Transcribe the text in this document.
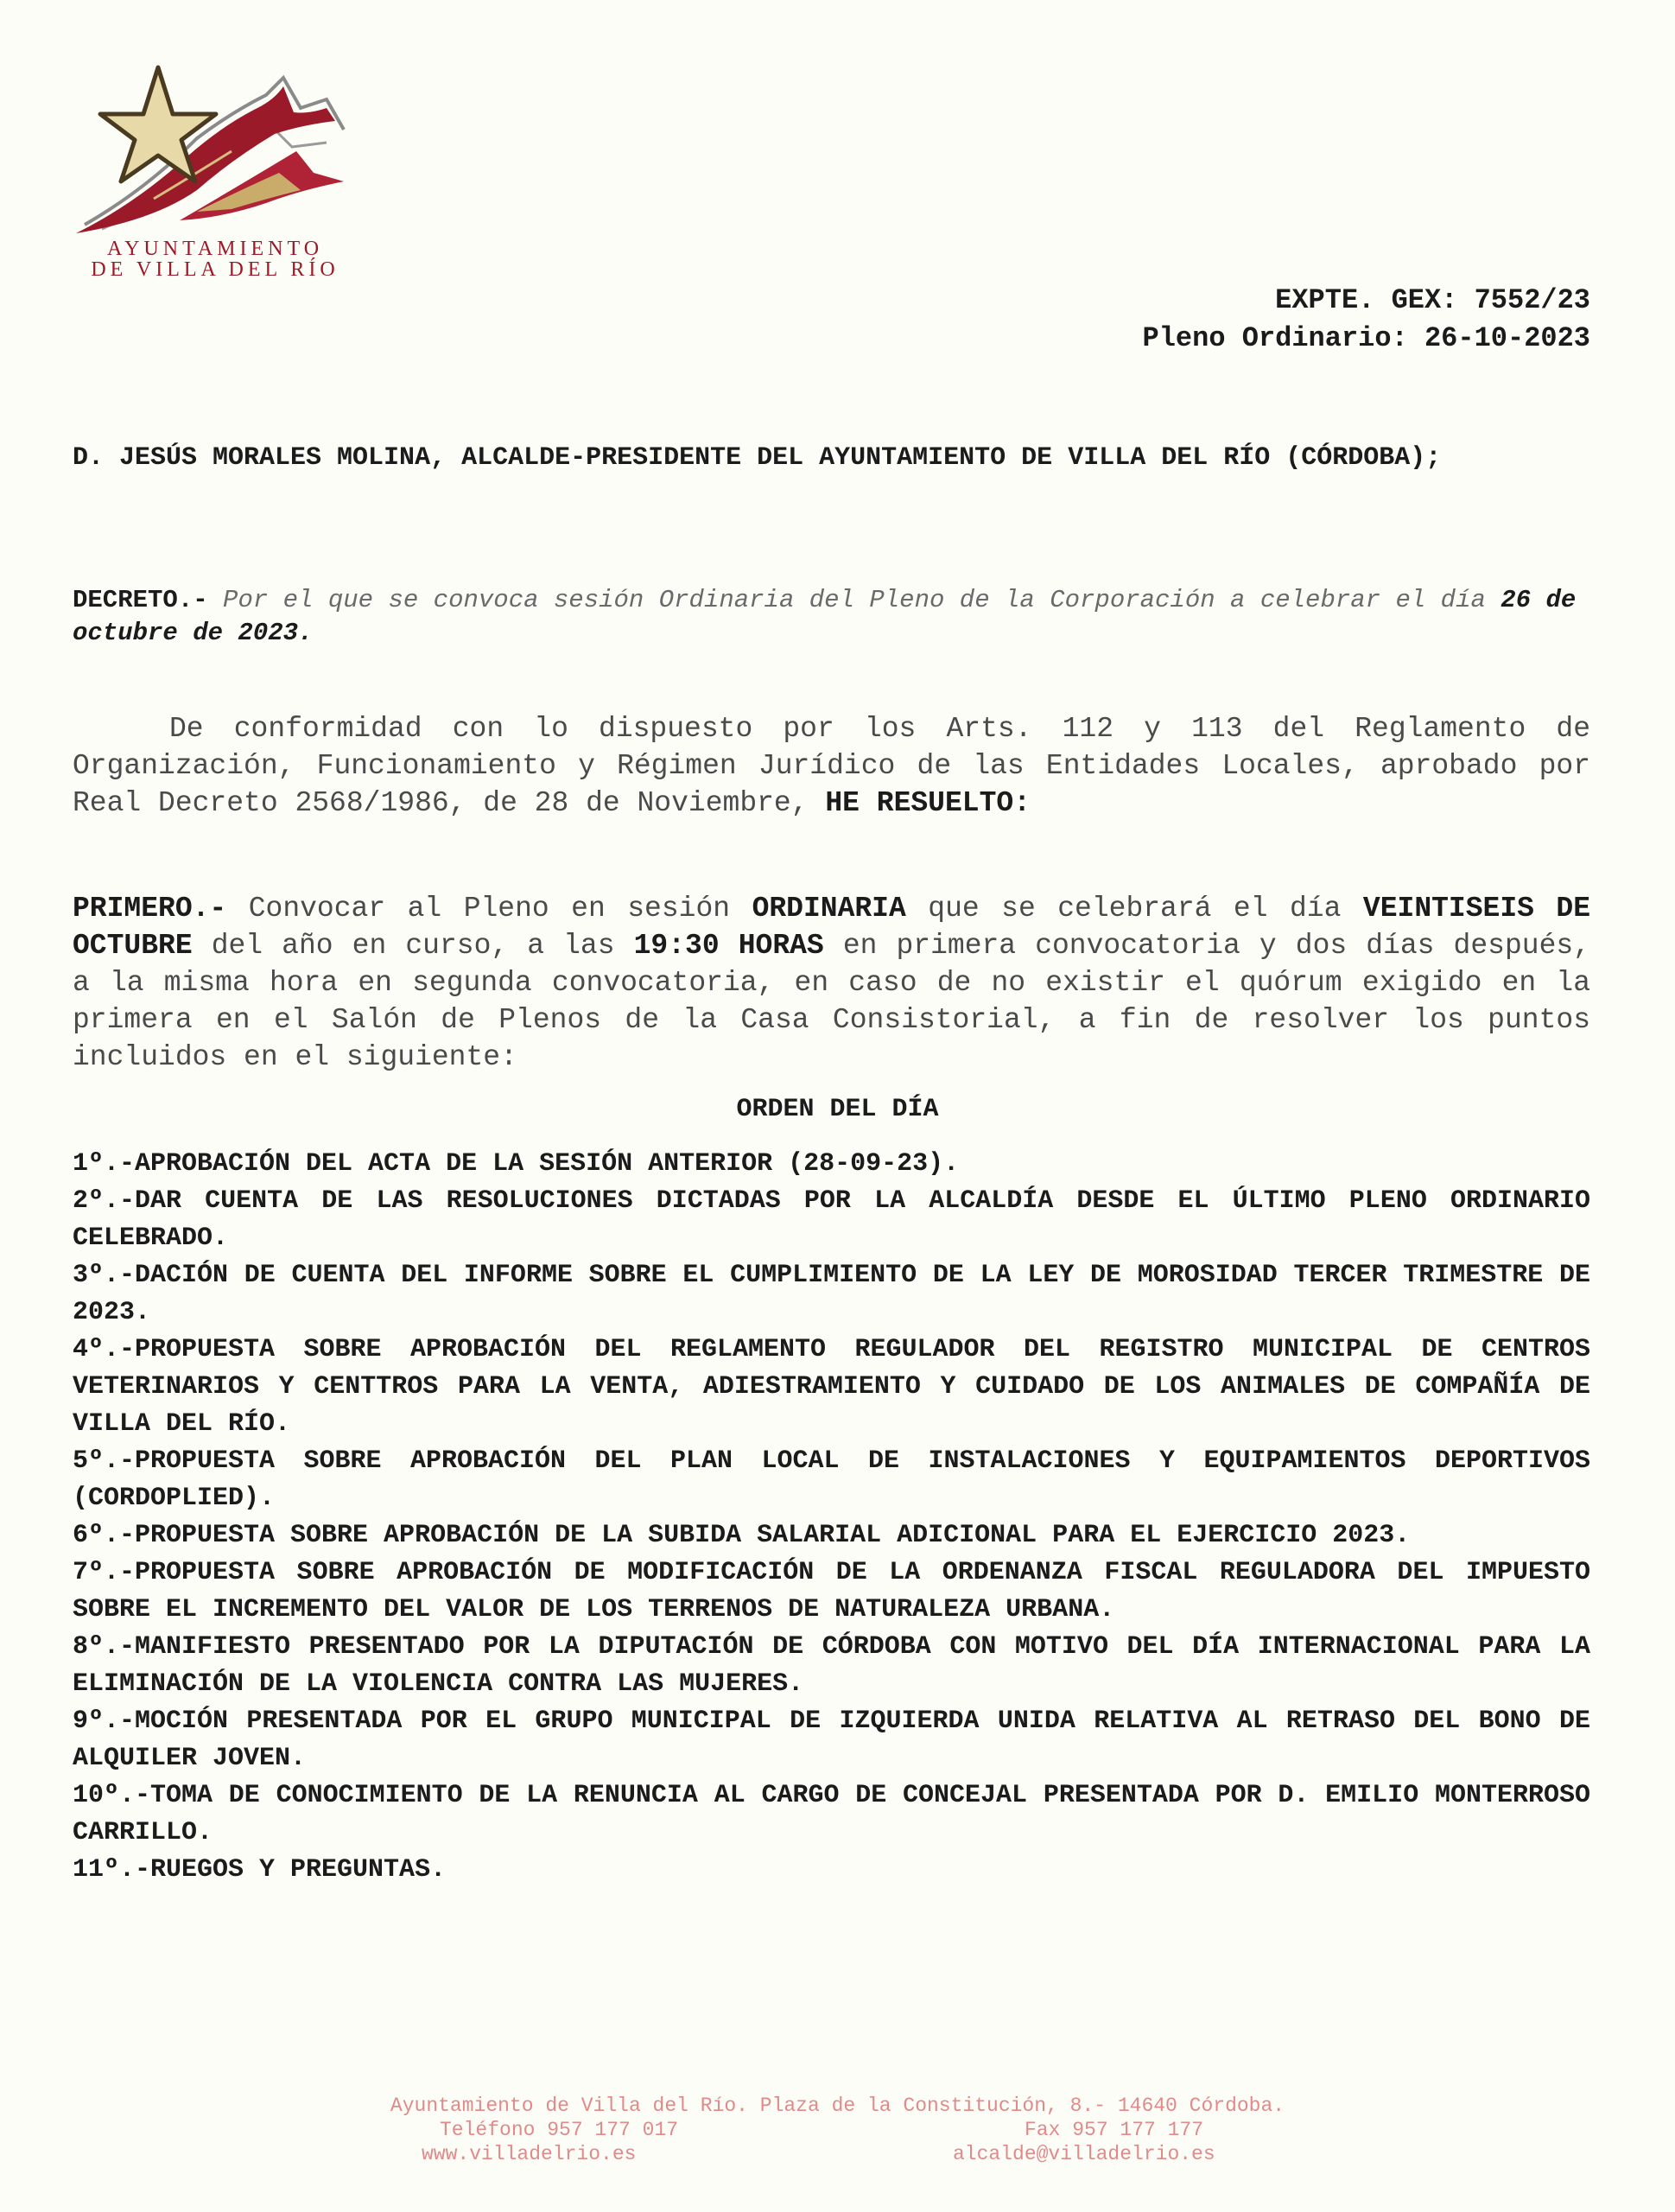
AYUNTAMIENTO
DE VILLA DEL RÍO
EXPTE. GEX: 7552/23
Pleno Ordinario: 26-10-2023
D. JESÚS MORALES MOLINA, ALCALDE-PRESIDENTE DEL AYUNTAMIENTO DE VILLA DEL RÍO (CÓRDOBA);
DECRETO.- Por el que se convoca sesión Ordinaria del Pleno de la Corporación a celebrar el día 26 de octubre de 2023.
De conformidad con lo dispuesto por los Arts. 112 y 113 del Reglamento de Organización, Funcionamiento y Régimen Jurídico de las Entidades Locales, aprobado por Real Decreto 2568/1986, de 28 de Noviembre, HE RESUELTO:
PRIMERO.- Convocar al Pleno en sesión ORDINARIA que se celebrará el día VEINTISEIS DE OCTUBRE del año en curso, a las 19:30 HORAS en primera convocatoria y dos días después, a la misma hora en segunda convocatoria, en caso de no existir el quórum exigido en la primera en el Salón de Plenos de la Casa Consistorial, a fin de resolver los puntos incluidos en el siguiente:
ORDEN DEL DÍA

1º.-APROBACIÓN DEL ACTA DE LA SESIÓN ANTERIOR (28-09-23).

2º.-DAR CUENTA DE LAS RESOLUCIONES DICTADAS POR LA ALCALDÍA DESDE EL ÚLTIMO PLENO ORDINARIO CELEBRADO.

3º.-DACIÓN DE CUENTA DEL INFORME SOBRE EL CUMPLIMIENTO DE LA LEY DE MOROSIDAD TERCER TRIMESTRE DE 2023.

4º.-PROPUESTA SOBRE APROBACIÓN DEL REGLAMENTO REGULADOR DEL REGISTRO MUNICIPAL DE CENTROS VETERINARIOS Y CENTTROS PARA LA VENTA, ADIESTRAMIENTO Y CUIDADO DE LOS ANIMALES DE COMPAÑÍA DE VILLA DEL RÍO.

5º.-PROPUESTA SOBRE APROBACIÓN DEL PLAN LOCAL DE INSTALACIONES Y EQUIPAMIENTOS DEPORTIVOS (CORDOPLIED).

6º.-PROPUESTA SOBRE APROBACIÓN DE LA SUBIDA SALARIAL ADICIONAL PARA EL EJERCICIO 2023.

7º.-PROPUESTA SOBRE APROBACIÓN DE MODIFICACIÓN DE LA ORDENANZA FISCAL REGULADORA DEL IMPUESTO SOBRE EL INCREMENTO DEL VALOR DE LOS TERRENOS DE NATURALEZA URBANA.

8º.-MANIFIESTO PRESENTADO POR LA DIPUTACIÓN DE CÓRDOBA CON MOTIVO DEL DÍA INTERNACIONAL PARA LA ELIMINACIÓN DE LA VIOLENCIA CONTRA LAS MUJERES.

9º.-MOCIÓN PRESENTADA POR EL GRUPO MUNICIPAL DE IZQUIERDA UNIDA RELATIVA AL RETRASO DEL BONO DE ALQUILER JOVEN.

10º.-TOMA DE CONOCIMIENTO DE LA RENUNCIA AL CARGO DE CONCEJAL PRESENTADA POR D. EMILIO MONTERROSO CARRILLO.

11º.-RUEGOS Y PREGUNTAS.

Ayuntamiento de Villa del Río. Plaza de la Constitución, 8.- 14640 Córdoba.
Teléfono 957 177 017	Fax 957 177 177
www.villadelrio.es	alcalde@villadelrio.es
